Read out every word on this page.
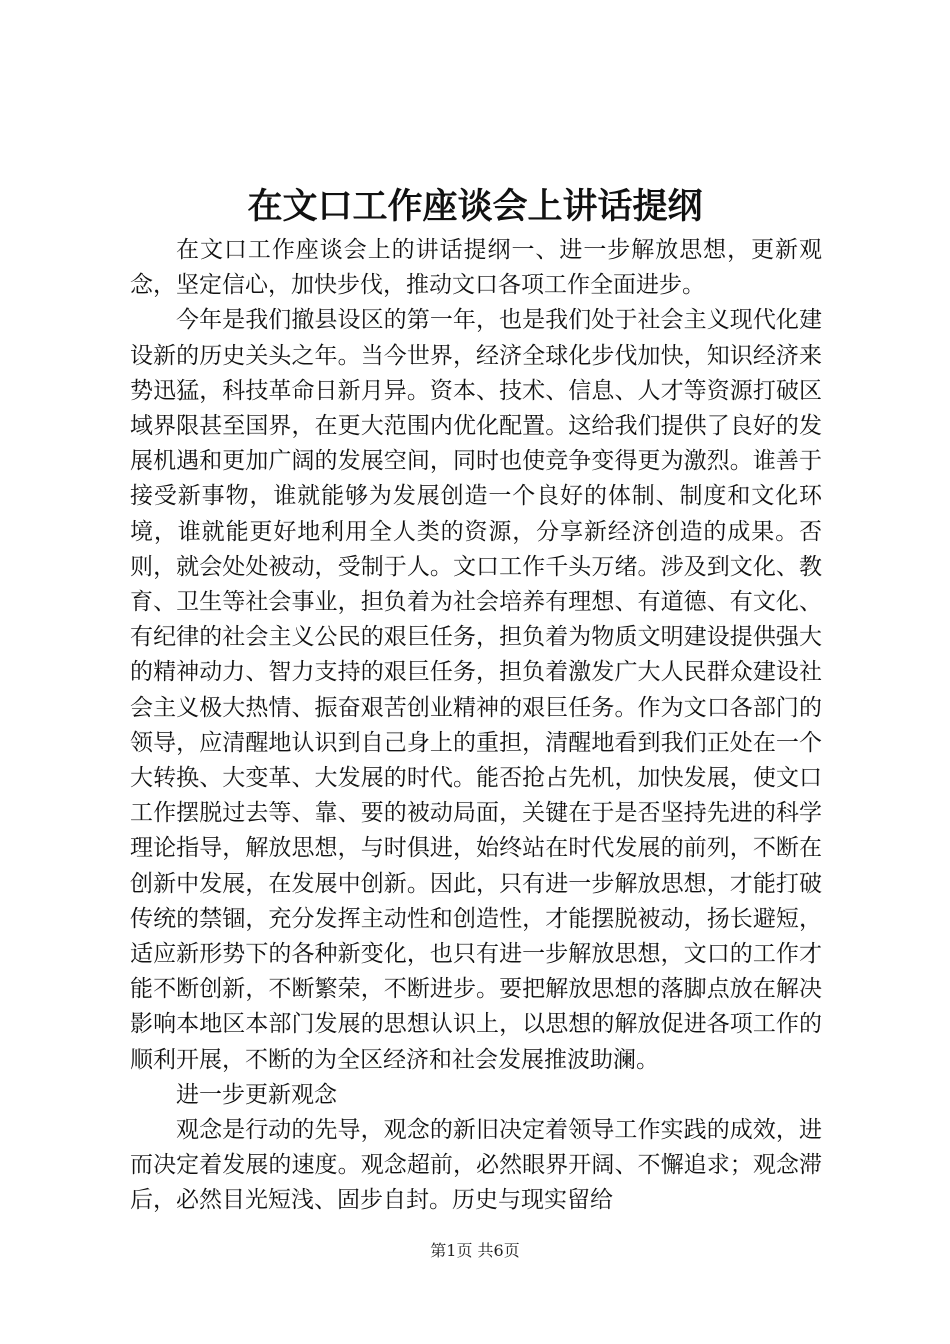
在文口工作座谈会上讲话提纲

在文口工作座谈会上的讲话提纲一、进一步解放思想，更新观念，坚定信心，加快步伐，推动文口各项工作全面进步。

今年是我们撤县设区的第一年，也是我们处于社会主义现代化建设新的历史关头之年。当今世界，经济全球化步伐加快，知识经济来势迅猛，科技革命日新月异。资本、技术、信息、人才等资源打破区域界限甚至国界，在更大范围内优化配置。这给我们提供了良好的发展机遇和更加广阔的发展空间，同时也使竞争变得更为激烈。谁善于接受新事物，谁就能够为发展创造一个良好的体制、制度和文化环境，谁就能更好地利用全人类的资源，分享新经济创造的成果。否则，就会处处被动，受制于人。文口工作千头万绪。涉及到文化、教育、卫生等社会事业，担负着为社会培养有理想、有道德、有文化、有纪律的社会主义公民的艰巨任务，担负着为物质文明建设提供强大的精神动力、智力支持的艰巨任务，担负着激发广大人民群众建设社会主义极大热情、振奋艰苦创业精神的艰巨任务。作为文口各部门的领导，应清醒地认识到自己身上的重担，清醒地看到我们正处在一个大转换、大变革、大发展的时代。能否抢占先机，加快发展，使文口工作摆脱过去等、靠、要的被动局面，关键在于是否坚持先进的科学理论指导，解放思想，与时俱进，始终站在时代发展的前列，不断在创新中发展，在发展中创新。因此，只有进一步解放思想，才能打破传统的禁锢，充分发挥主动性和创造性，才能摆脱被动，扬长避短，适应新形势下的各种新变化，也只有进一步解放思想，文口的工作才能不断创新，不断繁荣，不断进步。要把解放思想的落脚点放在解决影响本地区本部门发展的思想认识上，以思想的解放促进各项工作的顺利开展，不断的为全区经济和社会发展推波助澜。

进一步更新观念

观念是行动的先导，观念的新旧决定着领导工作实践的成效，进而决定着发展的速度。观念超前，必然眼界开阔、不懈追求；观念滞后，必然目光短浅、固步自封。历史与现实留给

第1页 共6页
